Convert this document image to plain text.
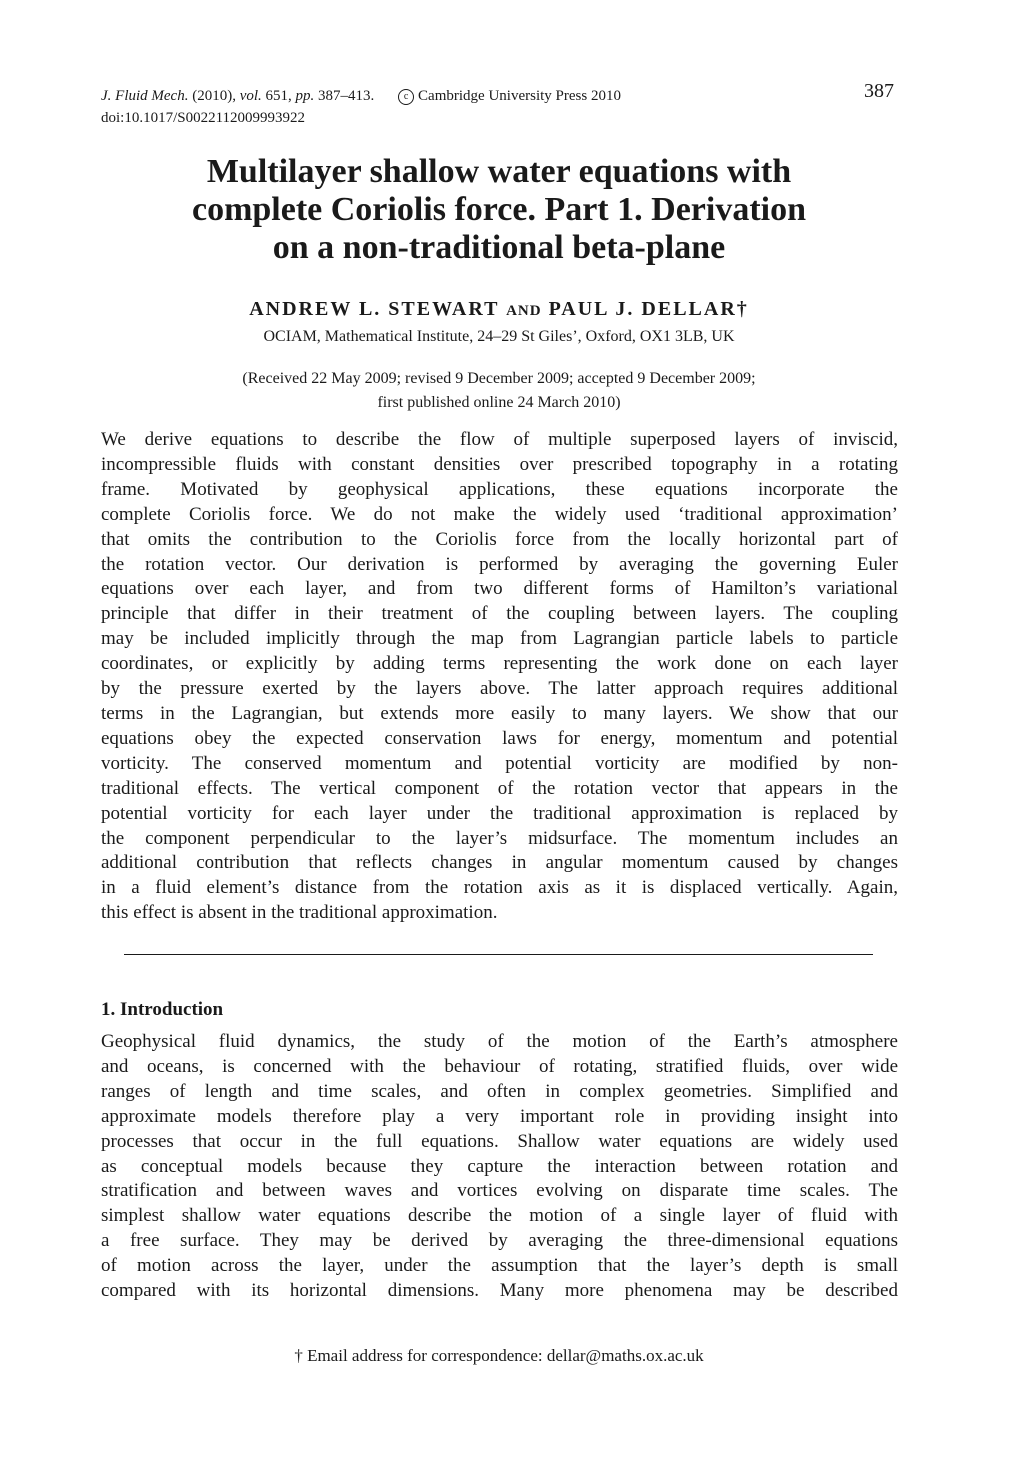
J. Fluid Mech. (2010), vol. 651, pp. 387–413.	c Cambridge University Press 2010
doi:10.1017/S0022112009993922
387
Multilayer shallow water equations with
complete Coriolis force. Part 1. Derivation
on a non-traditional beta-plane
ANDREW L. STEWART AND PAUL J. DELLAR†
OCIAM, Mathematical Institute, 24–29 St Giles’, Oxford, OX1 3LB, UK
(Received 22 May 2009; revised 9 December 2009; accepted 9 December 2009;
first published online 24 March 2010)
We derive equations to describe the flow of multiple superposed layers of inviscid,
incompressible fluids with constant densities over prescribed topography in a rotating
frame. Motivated by geophysical applications, these equations incorporate the
complete Coriolis force. We do not make the widely used ‘traditional approximation’
that omits the contribution to the Coriolis force from the locally horizontal part of
the rotation vector. Our derivation is performed by averaging the governing Euler
equations over each layer, and from two different forms of Hamilton’s variational
principle that differ in their treatment of the coupling between layers. The coupling
may be included implicitly through the map from Lagrangian particle labels to particle
coordinates, or explicitly by adding terms representing the work done on each layer
by the pressure exerted by the layers above. The latter approach requires additional
terms in the Lagrangian, but extends more easily to many layers. We show that our
equations obey the expected conservation laws for energy, momentum and potential
vorticity. The conserved momentum and potential vorticity are modified by non-
traditional effects. The vertical component of the rotation vector that appears in the
potential vorticity for each layer under the traditional approximation is replaced by
the component perpendicular to the layer’s midsurface. The momentum includes an
additional contribution that reflects changes in angular momentum caused by changes
in a fluid element’s distance from the rotation axis as it is displaced vertically. Again,
this effect is absent in the traditional approximation.
1. Introduction
Geophysical fluid dynamics, the study of the motion of the Earth’s atmosphere
and oceans, is concerned with the behaviour of rotating, stratified fluids, over wide
ranges of length and time scales, and often in complex geometries. Simplified and
approximate models therefore play a very important role in providing insight into
processes that occur in the full equations. Shallow water equations are widely used
as conceptual models because they capture the interaction between rotation and
stratification and between waves and vortices evolving on disparate time scales. The
simplest shallow water equations describe the motion of a single layer of fluid with
a free surface. They may be derived by averaging the three-dimensional equations
of motion across the layer, under the assumption that the layer’s depth is small
compared with its horizontal dimensions. Many more phenomena may be described
† Email address for correspondence: dellar@maths.ox.ac.uk
